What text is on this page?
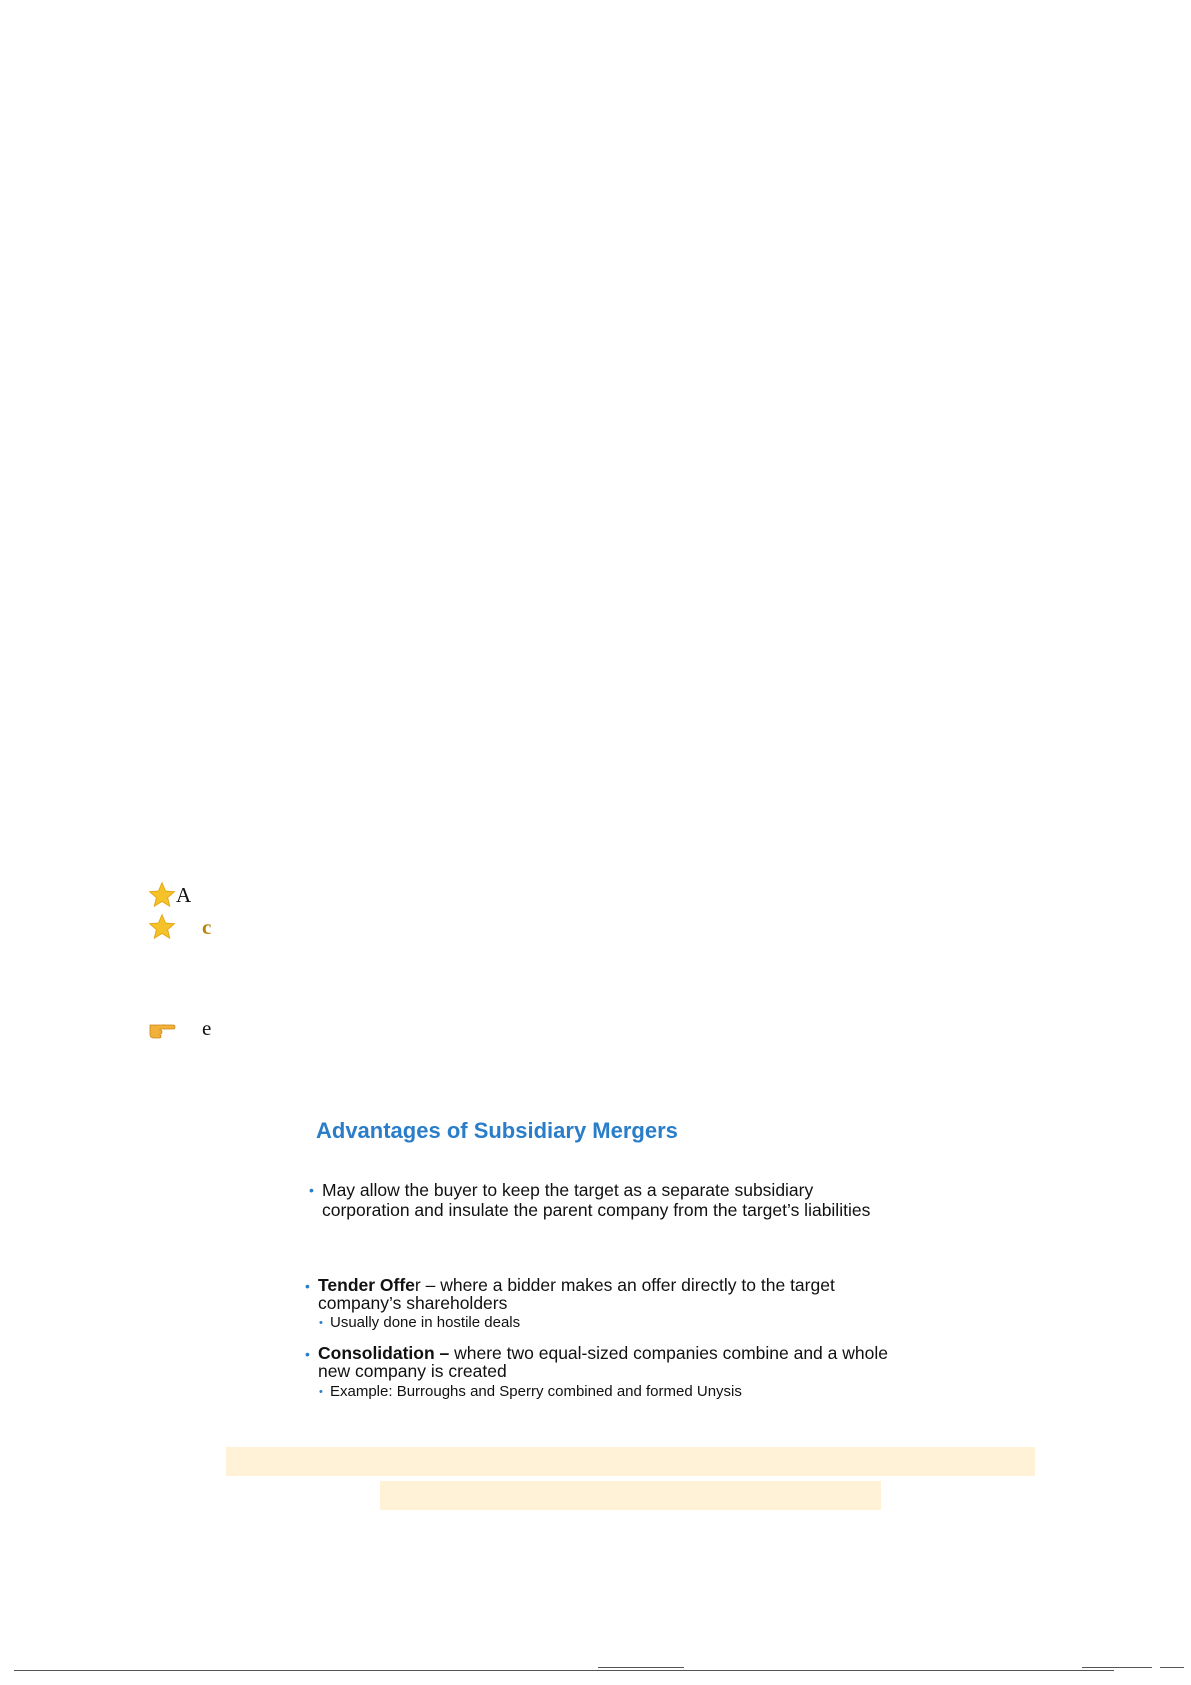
A
c
e
Advantages of Subsidiary Mergers
• May allow the buyer to keep the target as a separate subsidiary corporation and insulate the parent company from the target’s liabilities
• Tender Offer – where a bidder makes an offer directly to the target company’s shareholders
• Usually done in hostile deals
• Consolidation – where two equal-sized companies combine and a whole new company is created
• Example: Burroughs and Sperry combined and formed Unysis
